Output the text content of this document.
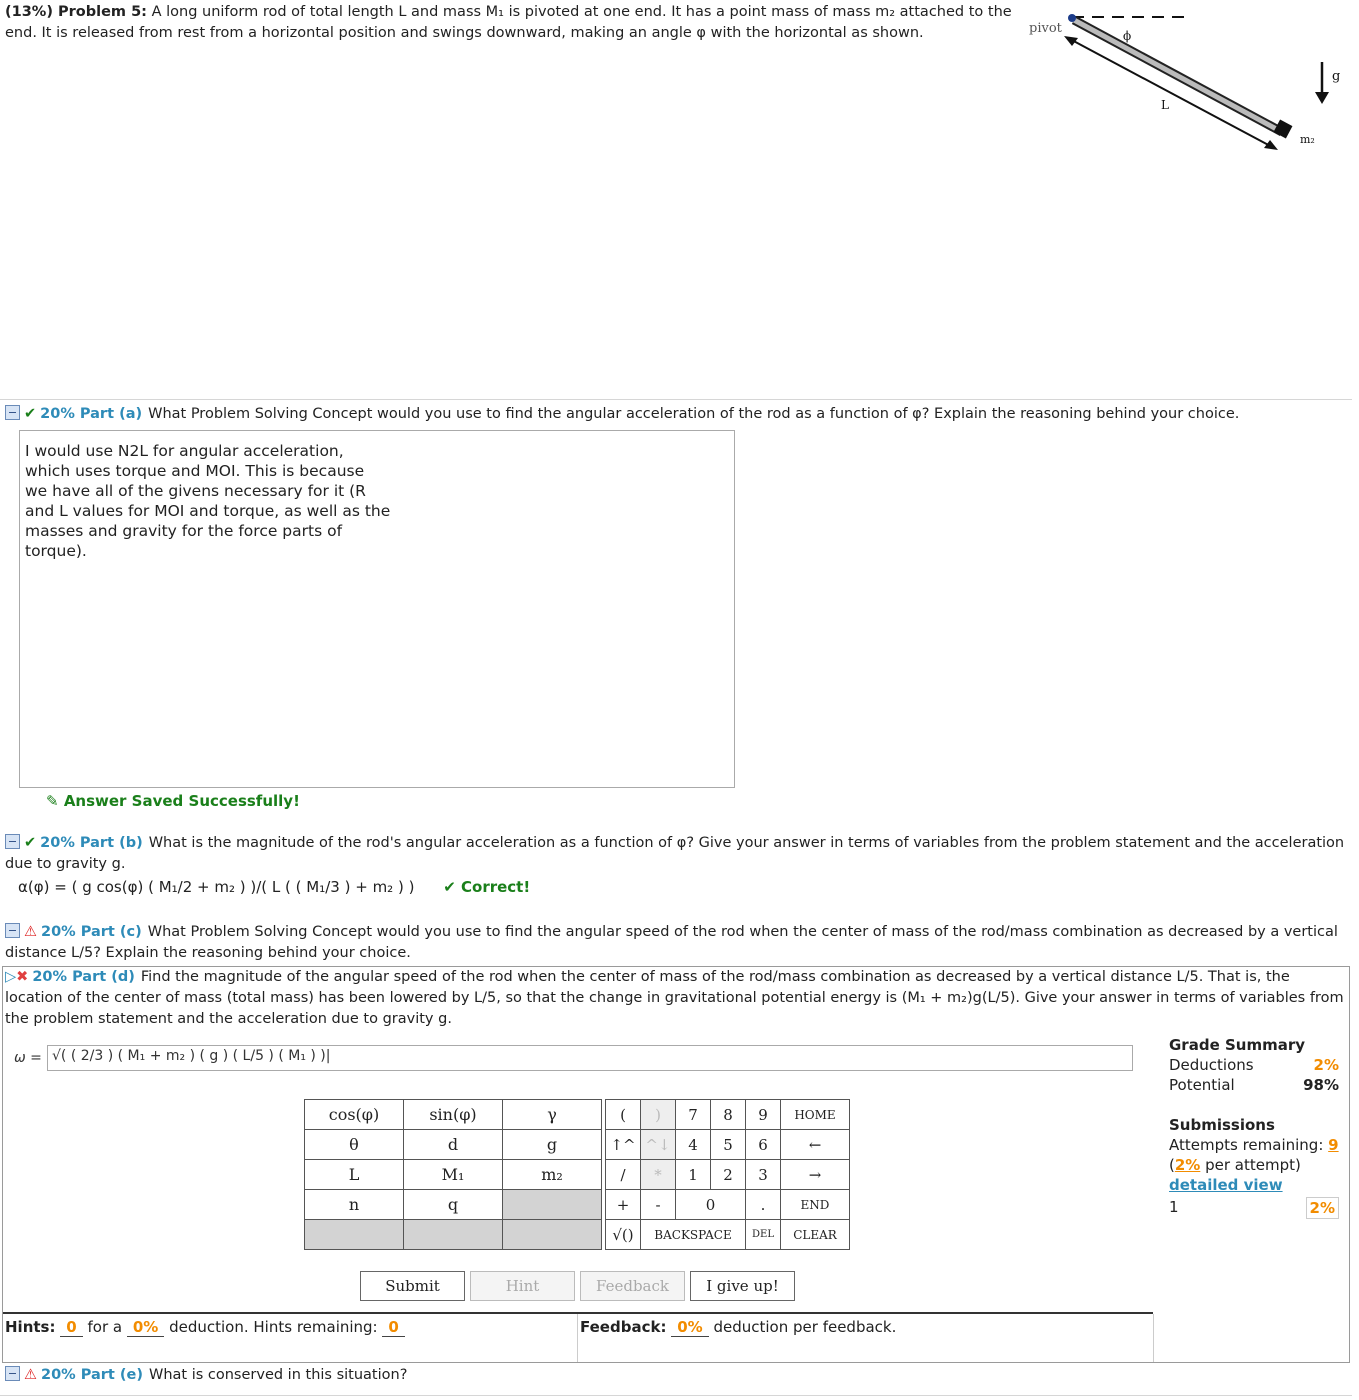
(13%) Problem 5: A long uniform rod of total length L and mass M₁ is pivoted at one end. It has a point mass of mass m₂ attached to the end. It is released from rest from a horizontal position and swings downward, making an angle φ with the horizontal as shown.	pivot	ϕ
L
g
m₂
✔ 20% Part (a) What Problem Solving Concept would you use to find the angular acceleration of the rod as a function of φ? Explain the reasoning behind your choice.
I would use N2L for angular acceleration,
which uses torque and MOI. This is because
we have all of the givens necessary for it (R
and L values for MOI and torque, as well as the
masses and gravity for the force parts of
torque).
✎ Answer Saved Successfully!
✔ 20% Part (b) What is the magnitude of the rod's angular acceleration as a function of φ? Give your answer in terms of variables from the problem statement and the acceleration due to gravity g.
α(φ) = ( g cos(φ) ( M₁/2 + m₂ ) )/( L ( ( M₁/3 ) + m₂ ) ) ✔ Correct!
⚠ 20% Part (c) What Problem Solving Concept would you use to find the angular speed of the rod when the center of mass of the rod/mass combination as decreased by a vertical distance L/5? Explain the reasoning behind your choice.
▷✖ 20% Part (d) Find the magnitude of the angular speed of the rod when the center of mass of the rod/mass combination as decreased by a vertical distance L/5. That is, the location of the center of mass (total mass) has been lowered by L/5, so that the change in gravitational potential energy is (M₁ + m₂)g(L/5). Give your answer in terms of variables from the problem statement and the acceleration due to gravity g.
ω = √( ( 2/3 ) ( M₁ + m₂ ) ( g ) ( L/5 ) ( M₁ ) )|
cos(φ)	sin(φ)	γ
θ	d	g
L	M₁	m₂
n	q	

(	)	7	8	9	HOME
↑^	^↓	4	5	6	←
/	*	1	2	3	→
+	-	0		.	END
√()	BACKSPACE			DEL	CLEAR
Submit	Hint	Feedback	I give up!
Hints: 0 for a 0% deduction. Hints remaining: 0	Feedback: 0% deduction per feedback.
Grade Summary
Deductions	2%
Potential	98%
Submissions
Attempts remaining: 9
(2% per attempt)
detailed view
1	2%
⚠ 20% Part (e) What is conserved in this situation?
